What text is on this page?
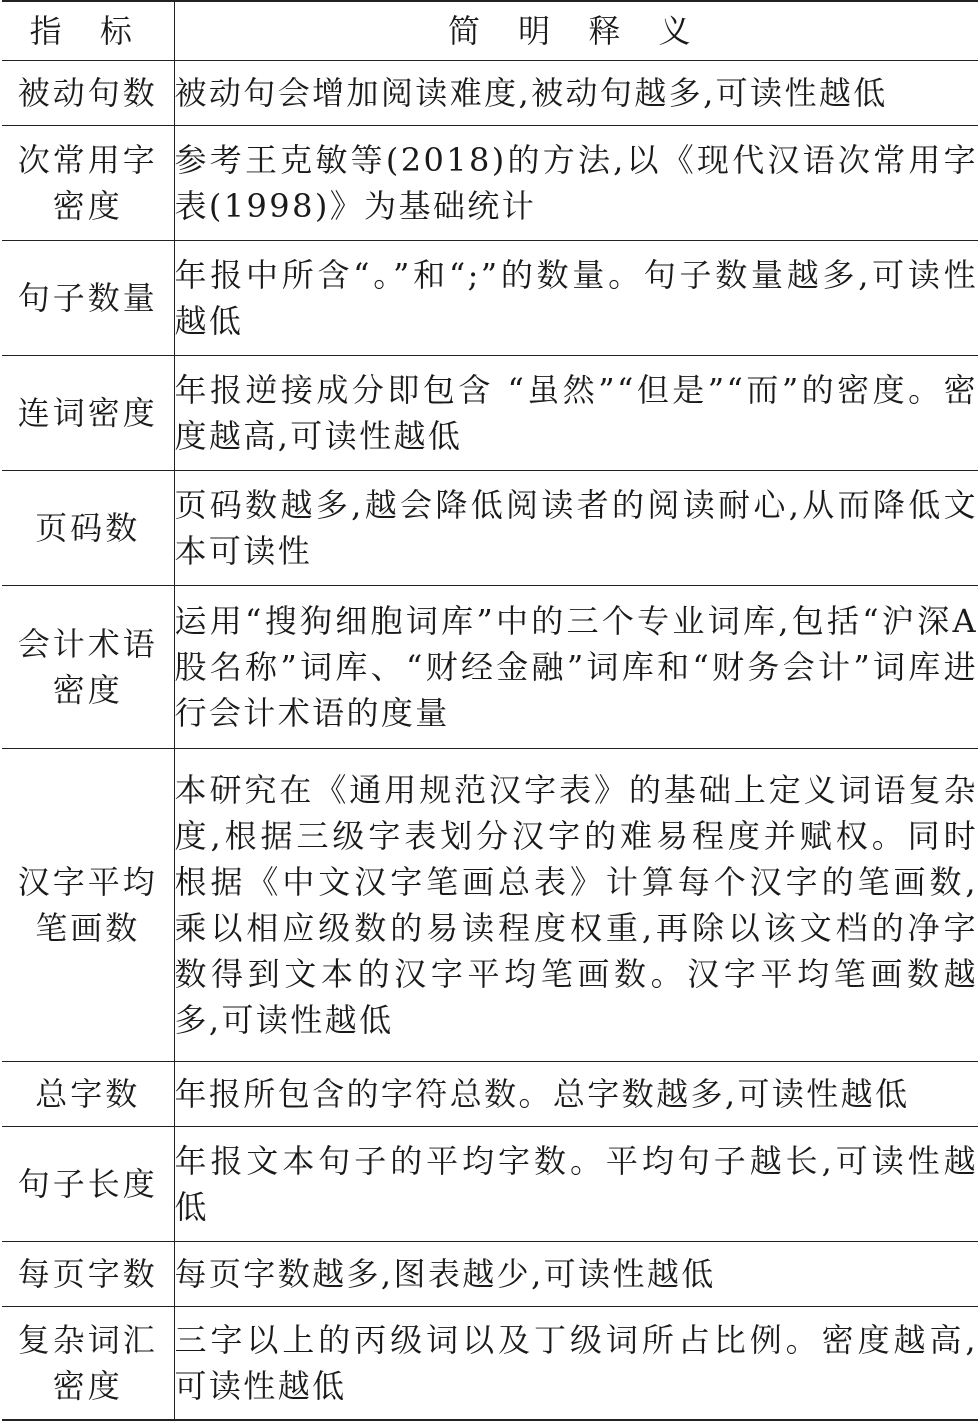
指 标	简 明 释 义

被动句数	被动句会增加阅读难度,被动句越多,可读性越低

次常用字密度	参考王克敏等(2018)的方法,以《现代汉语次常用字表(1998)》为基础统计

句子数量	年报中所含“。”和“;”的数量。句子数量越多,可读性越低

连词密度	年报逆接成分即包含 “虽然”“但是”“而”的密度。密度越高,可读性越低

页码数	页码数越多,越会降低阅读者的阅读耐心,从而降低文本可读性

会计术语密度	运用“搜狗细胞词库”中的三个专业词库,包括“沪深A股名称”词库、“财经金融”词库和“财务会计”词库进行会计术语的度量

汉字平均笔画数	本研究在《通用规范汉字表》的基础上定义词语复杂度,根据三级字表划分汉字的难易程度并赋权。同时根据《中文汉字笔画总表》计算每个汉字的笔画数,乘以相应级数的易读程度权重,再除以该文档的净字数得到文本的汉字平均笔画数。汉字平均笔画数越多,可读性越低

总字数	年报所包含的字符总数。总字数越多,可读性越低

句子长度	年报文本句子的平均字数。平均句子越长,可读性越低

每页字数	每页字数越多,图表越少,可读性越低

复杂词汇密度	三字以上的丙级词以及丁级词所占比例。密度越高,可读性越低
